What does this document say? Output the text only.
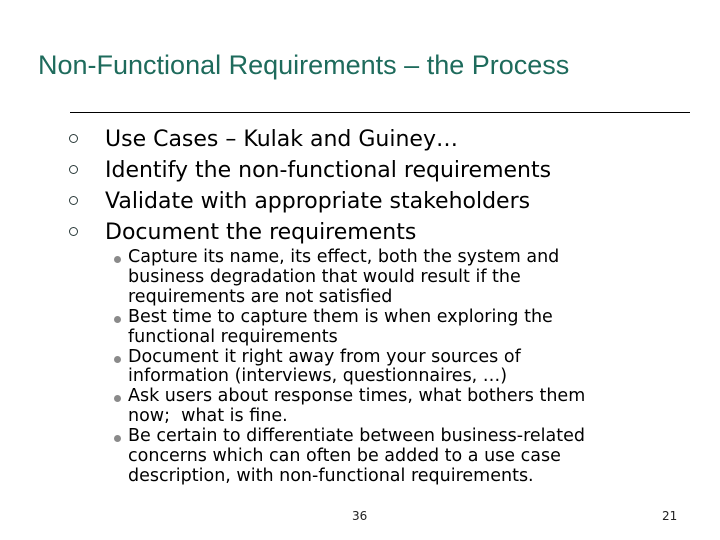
Non-Functional Requirements – the Process
Use Cases – Kulak and Guiney…
Identify the non-functional requirements
Validate with appropriate stakeholders
Document the requirements
Capture its name, its effect, both the system and
business degradation that would result if the
requirements are not satisfied
Best time to capture them is when exploring the
functional requirements
Document it right away from your sources of
information (interviews, questionnaires, …)
Ask users about response times, what bothers them
now;  what is fine.
Be certain to differentiate between business-related
concerns which can often be added to a use case
description, with non-functional requirements.
36	21
